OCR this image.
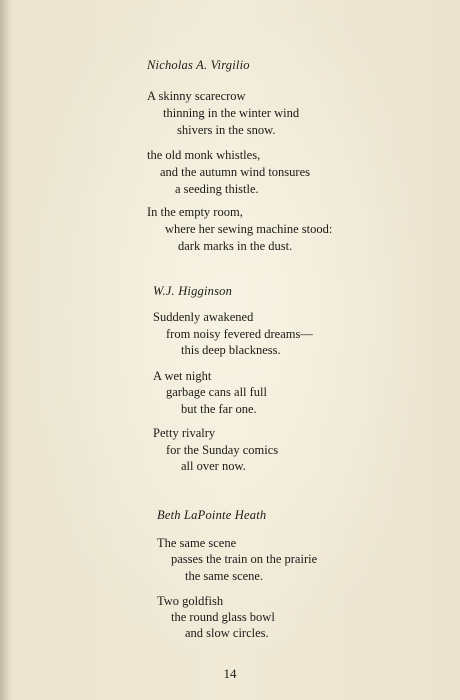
Nicholas A. Virgilio

A skinny scarecrow
thinning in the winter wind
shivers in the snow.
the old monk whistles,
and the autumn wind tonsures
a seeding thistle.
In the empty room,
where her sewing machine stood:
dark marks in the dust.

W.J. Higginson

Suddenly awakened
from noisy fevered dreams—
this deep blackness.
A wet night
garbage cans all full
but the far one.
Petty rivalry
for the Sunday comics
all over now.

Beth LaPointe Heath

The same scene
passes the train on the prairie
the same scene.
Two goldfish
the round glass bowl
and slow circles.
14
